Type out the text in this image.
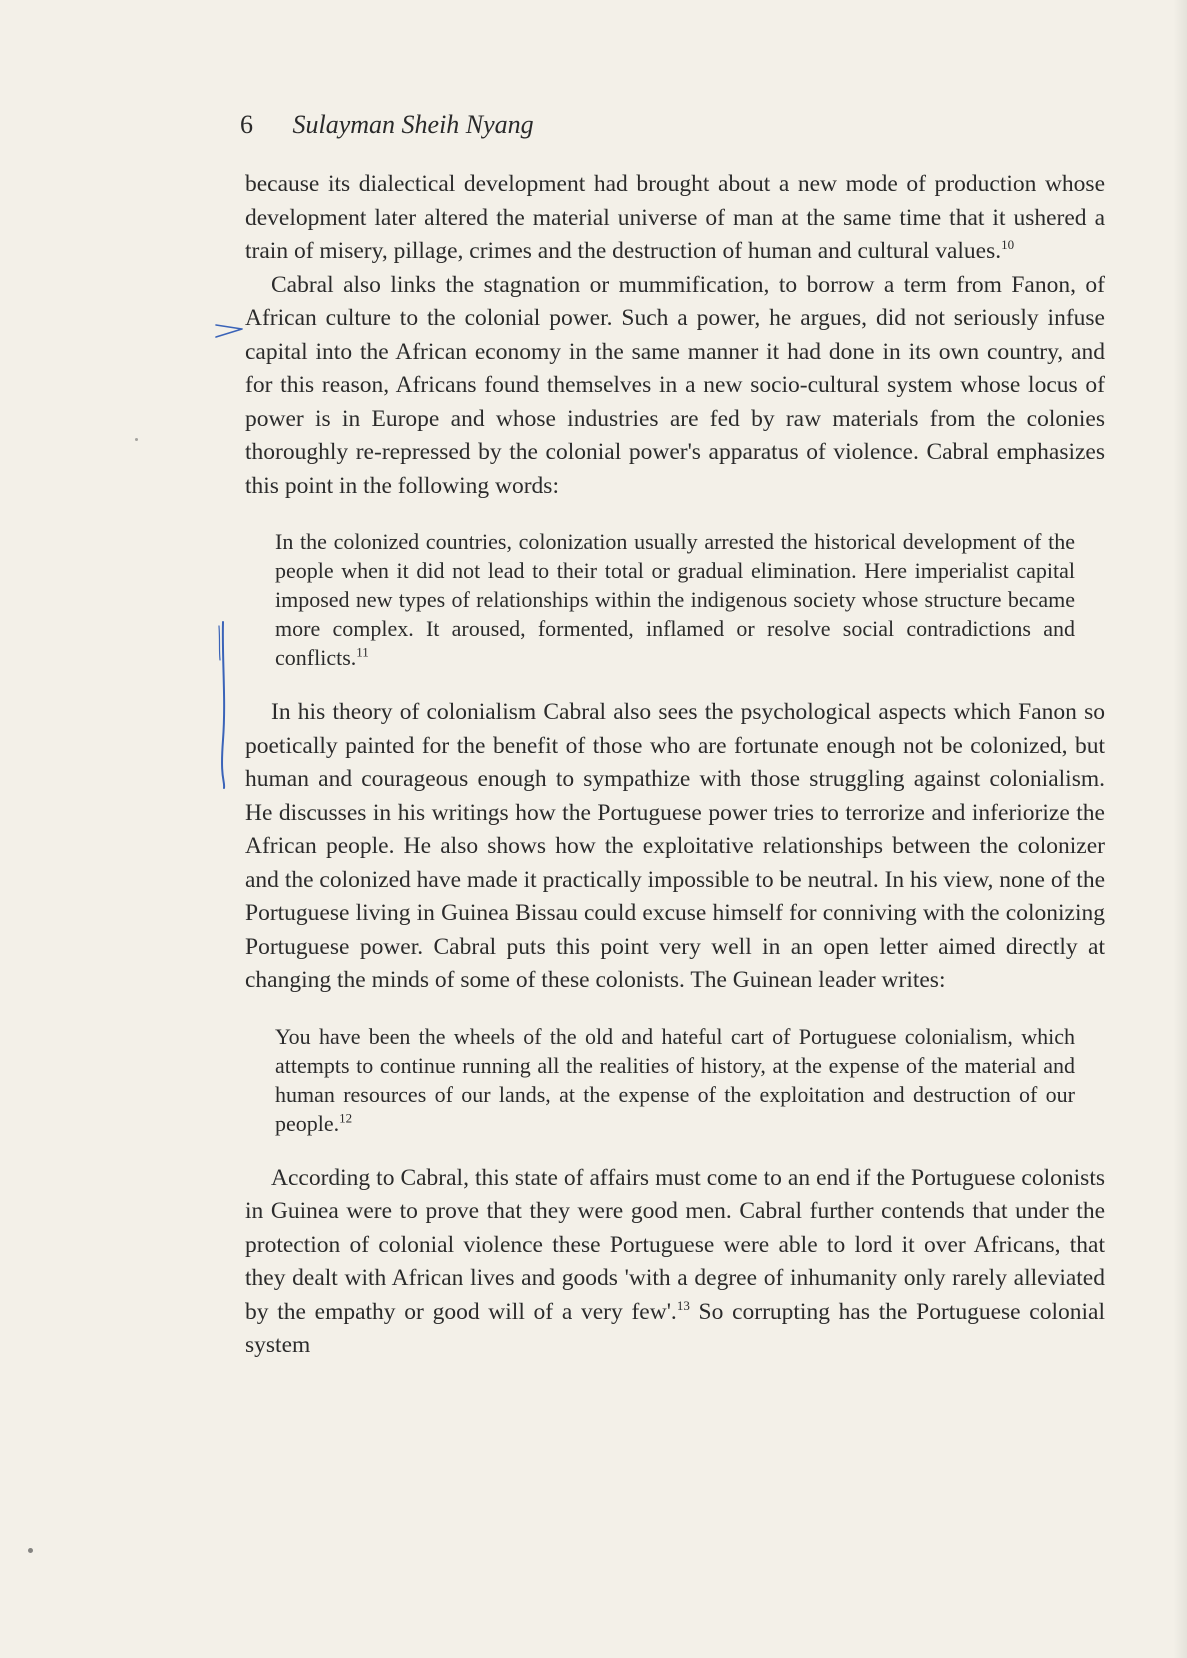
6 Sulayman Sheih Nyang

because its dialectical development had brought about a new mode of production whose development later altered the material universe of man at the same time that it ushered a train of misery, pillage, crimes and the destruction of human and cultural values.$^{10}$

Cabral also links the stagnation or mummification, to borrow a term from Fanon, of African culture to the colonial power. Such a power, he argues, did not seriously infuse capital into the African economy in the same manner it had done in its own country, and for this reason, Africans found themselves in a new socio-cultural system whose locus of power is in Europe and whose industries are fed by raw materials from the colonies thoroughly re-repressed by the colonial power's apparatus of violence. Cabral emphasizes this point in the following words:

In the colonized countries, colonization usually arrested the historical development of the people when it did not lead to their total or gradual elimination. Here imperialist capital imposed new types of relationships within the indigenous society whose structure became more complex. It aroused, formented, inflamed or resolve social contradictions and conflicts.$^{11}$

In his theory of colonialism Cabral also sees the psychological aspects which Fanon so poetically painted for the benefit of those who are fortunate enough not be colonized, but human and courageous enough to sympathize with those struggling against colonialism. He discusses in his writings how the Portuguese power tries to terrorize and inferiorize the African people. He also shows how the exploitative relationships between the colonizer and the colonized have made it practically impossible to be neutral. In his view, none of the Portuguese living in Guinea Bissau could excuse himself for conniving with the colonizing Portuguese power. Cabral puts this point very well in an open letter aimed directly at changing the minds of some of these colonists. The Guinean leader writes:

You have been the wheels of the old and hateful cart of Portuguese colonialism, which attempts to continue running all the realities of history, at the expense of the material and human resources of our lands, at the expense of the exploitation and destruction of our people.$^{12}$

According to Cabral, this state of affairs must come to an end if the Portuguese colonists in Guinea were to prove that they were good men. Cabral further contends that under the protection of colonial violence these Portuguese were able to lord it over Africans, that they dealt with African lives and goods 'with a degree of inhumanity only rarely alleviated by the empathy or good will of a very few'.$^{13}$ So corrupting has the Portuguese colonial system
